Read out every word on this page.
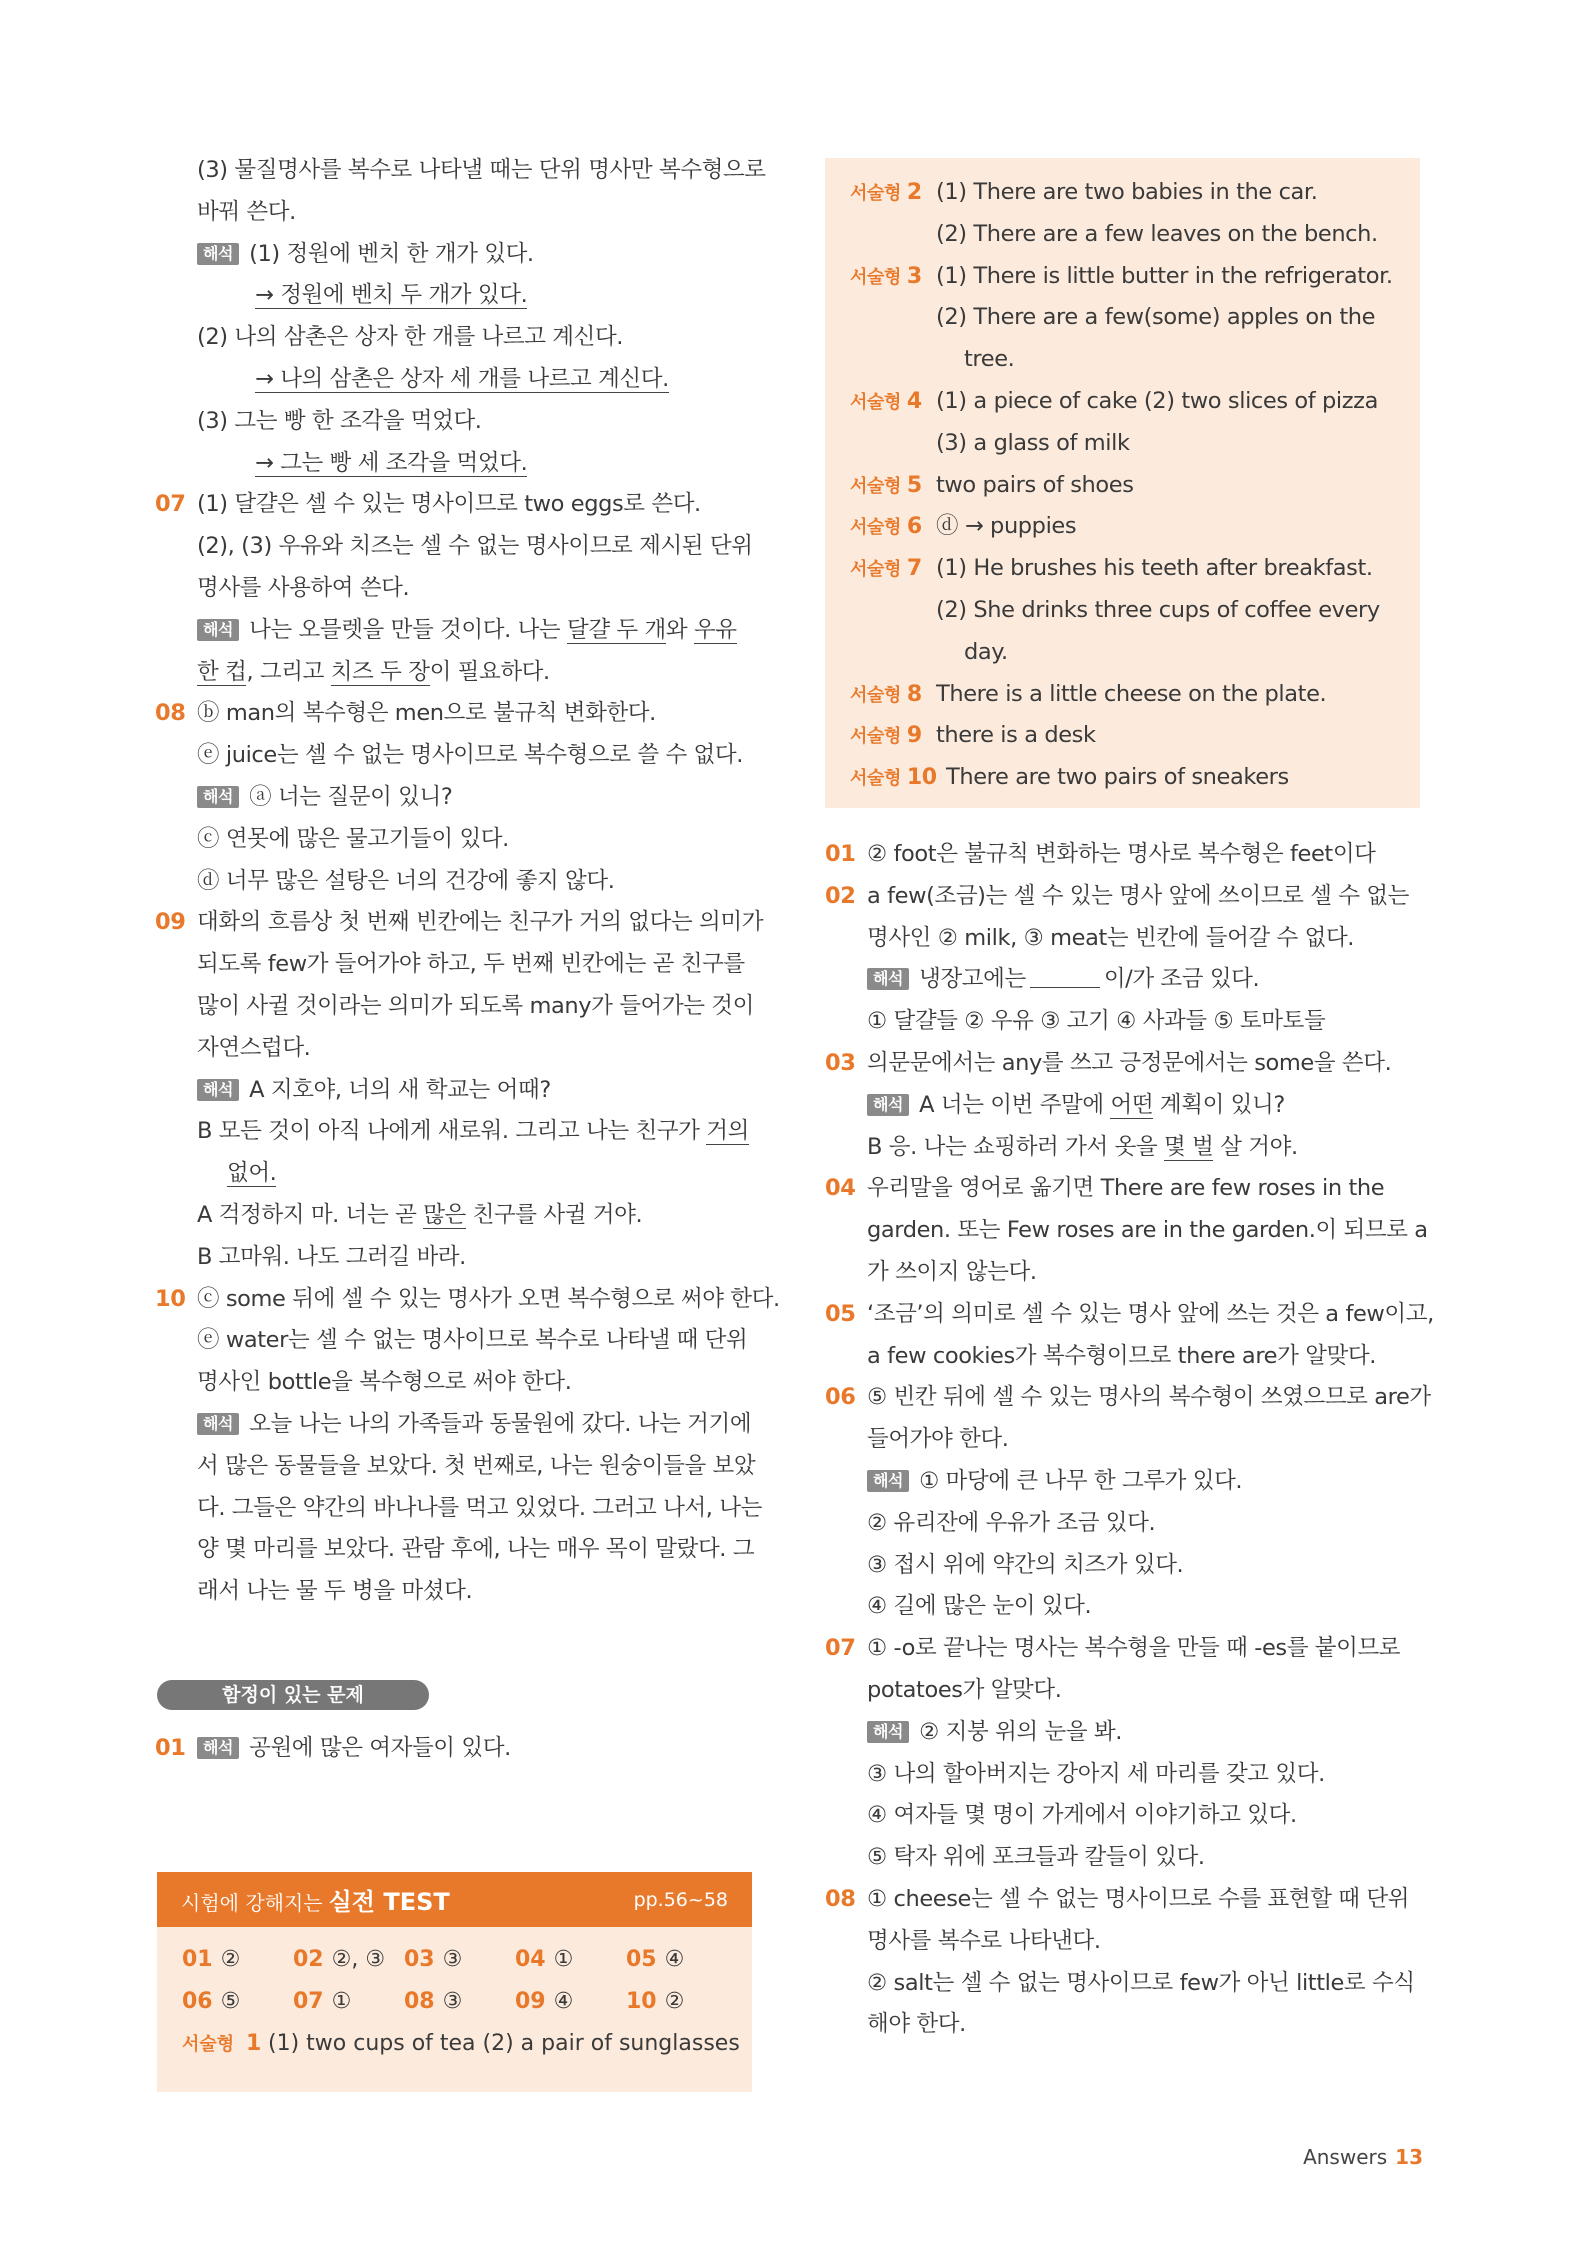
(3) 물질명사를 복수로 나타낼 때는 단위 명사만 복수형으로
바꿔 쓴다.
해석 (1) 정원에 벤치 한 개가 있다.
→ 정원에 벤치 두 개가 있다.
(2) 나의 삼촌은 상자 한 개를 나르고 계신다.
→ 나의 삼촌은 상자 세 개를 나르고 계신다.
(3) 그는 빵 한 조각을 먹었다.
→ 그는 빵 세 조각을 먹었다.
07 (1) 달걀은 셀 수 있는 명사이므로 two eggs로 쓴다.
(2), (3) 우유와 치즈는 셀 수 없는 명사이므로 제시된 단위
명사를 사용하여 쓴다.
해석 나는 오믈렛을 만들 것이다. 나는 달걀 두 개와 우유
한 컵, 그리고 치즈 두 장이 필요하다.
08 ⓑ man의 복수형은 men으로 불규칙 변화한다.
ⓔ juice는 셀 수 없는 명사이므로 복수형으로 쓸 수 없다.
해석 ⓐ 너는 질문이 있니?
ⓒ 연못에 많은 물고기들이 있다.
ⓓ 너무 많은 설탕은 너의 건강에 좋지 않다.
09 대화의 흐름상 첫 번째 빈칸에는 친구가 거의 없다는 의미가
되도록 few가 들어가야 하고, 두 번째 빈칸에는 곧 친구를
많이 사귈 것이라는 의미가 되도록 many가 들어가는 것이
자연스럽다.
해석 A 지호야, 너의 새 학교는 어때?
B 모든 것이 아직 나에게 새로워. 그리고 나는 친구가 거의
없어.
A 걱정하지 마. 너는 곧 많은 친구를 사귈 거야.
B 고마워. 나도 그러길 바라.
10 ⓒ some 뒤에 셀 수 있는 명사가 오면 복수형으로 써야 한다.
ⓔ water는 셀 수 없는 명사이므로 복수로 나타낼 때 단위
명사인 bottle을 복수형으로 써야 한다.
해석 오늘 나는 나의 가족들과 동물원에 갔다. 나는 거기에
서 많은 동물들을 보았다. 첫 번째로, 나는 원숭이들을 보았
다. 그들은 약간의 바나나를 먹고 있었다. 그러고 나서, 나는
양 몇 마리를 보았다. 관람 후에, 나는 매우 목이 말랐다. 그
래서 나는 물 두 병을 마셨다.
함정이 있는 문제
01 해석 공원에 많은 여자들이 있다.
시험에 강해지는 실전 TEST	pp.56~58
01 ② 02 ②, ③ 03 ③ 04 ① 05 ④
06 ⑤ 07 ① 08 ③ 09 ④ 10 ②
서술형 1 (1) two cups of tea (2) a pair of sunglasses
서술형 2 (1) There are two babies in the car.
(2) There are a few leaves on the bench.
서술형 3 (1) There is little butter in the refrigerator.
(2) There are a few(some) apples on the
tree.
서술형 4 (1) a piece of cake (2) two slices of pizza
(3) a glass of milk
서술형 5 two pairs of shoes
서술형 6 ⓓ → puppies
서술형 7 (1) He brushes his teeth after breakfast.
(2) She drinks three cups of coffee every
day.
서술형 8 There is a little cheese on the plate.
서술형 9 there is a desk
서술형 10 There are two pairs of sneakers
01 ② foot은 불규칙 변화하는 명사로 복수형은 feet이다
02 a few(조금)는 셀 수 있는 명사 앞에 쓰이므로 셀 수 없는
명사인 ② milk, ③ meat는 빈칸에 들어갈 수 없다.
해석 냉장고에는	이/가 조금 있다.
① 달걀들 ② 우유 ③ 고기 ④ 사과들 ⑤ 토마토들
03 의문문에서는 any를 쓰고 긍정문에서는 some을 쓴다.
해석 A 너는 이번 주말에 어떤 계획이 있니?
B 응. 나는 쇼핑하러 가서 옷을 몇 벌 살 거야.
04 우리말을 영어로 옮기면 There are few roses in the
garden. 또는 Few roses are in the garden.이 되므로 a
가 쓰이지 않는다.
05 ‘조금’의 의미로 셀 수 있는 명사 앞에 쓰는 것은 a few이고,
a few cookies가 복수형이므로 there are가 알맞다.
06 ⑤ 빈칸 뒤에 셀 수 있는 명사의 복수형이 쓰였으므로 are가
들어가야 한다.
해석 ① 마당에 큰 나무 한 그루가 있다.
② 유리잔에 우유가 조금 있다.
③ 접시 위에 약간의 치즈가 있다.
④ 길에 많은 눈이 있다.
07 ① -o로 끝나는 명사는 복수형을 만들 때 -es를 붙이므로
potatoes가 알맞다.
해석 ② 지붕 위의 눈을 봐.
③ 나의 할아버지는 강아지 세 마리를 갖고 있다.
④ 여자들 몇 명이 가게에서 이야기하고 있다.
⑤ 탁자 위에 포크들과 칼들이 있다.
08 ① cheese는 셀 수 없는 명사이므로 수를 표현할 때 단위
명사를 복수로 나타낸다.
② salt는 셀 수 없는 명사이므로 few가 아닌 little로 수식
해야 한다.
Answers 13
